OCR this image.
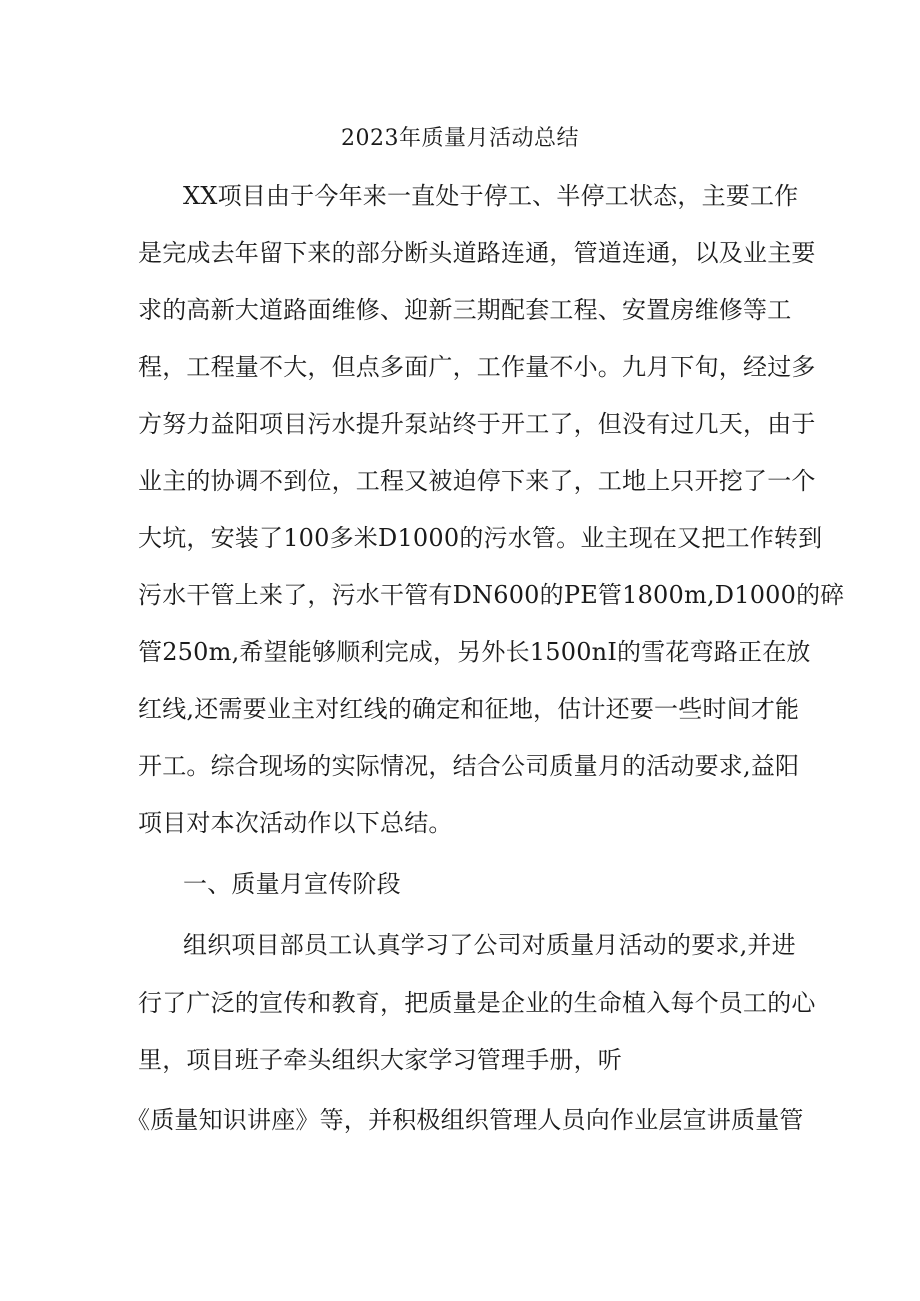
2023年质量月活动总结
XX项目由于今年来一直处于停工、半停工状态，主要工作
是完成去年留下来的部分断头道路连通，管道连通，以及业主要
求的高新大道路面维修、迎新三期配套工程、安置房维修等工
程，工程量不大，但点多面广，工作量不小。九月下旬，经过多
方努力益阳项目污水提升泵站终于开工了，但没有过几天，由于
业主的协调不到位，工程又被迫停下来了，工地上只开挖了一个
大坑，安装了100多米D1000的污水管。业主现在又把工作转到
污水干管上来了，污水干管有DN600的PE管1800m,D1000的碎
管250m,希望能够顺利完成，另外长1500nI的雪花弯路正在放
红线,还需要业主对红线的确定和征地，估计还要一些时间才能
开工。综合现场的实际情况，结合公司质量月的活动要求,益阳
项目对本次活动作以下总结。
一、质量月宣传阶段
组织项目部员工认真学习了公司对质量月活动的要求,并进
行了广泛的宣传和教育，把质量是企业的生命植入每个员工的心
里，项目班子牵头组织大家学习管理手册，听
《质量知识讲座》等，并积极组织管理人员向作业层宣讲质量管
